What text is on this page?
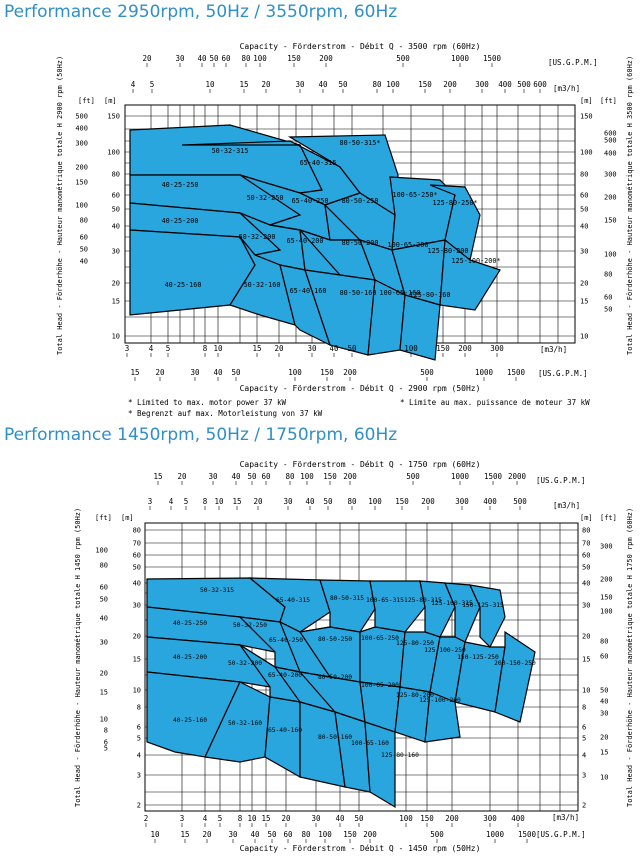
Performance 2950rpm, 50Hz / 3550rpm, 60Hz
Performance 1450rpm, 50Hz / 1750rpm, 60Hz
Capacity - Förderstrom - Débit Q - 3500 rpm (60Hz)
20	30 40 50 60 80 100	150 200	500	1000 1500	[US.G.P.M.]
4 5	10	15 20	30 40 50	80 100 150 200 300 400 500 600 [m3/h]
[ft] [m]	[m] [ft]
50-32-315
65-40-315
80-50-315*
40-25-250
50-32-250 65-40-250 80-50-250
100-65-250*
125-80-250*
40-25-200
50-32-200 65-40-200	80-50-200 100-65-200
125-80-200
125-100-200*
40-25-160	50-32-160
65-40-160 80-50-160 100-65-160
125-80-160
500
400
300
200
150
100
80
60
50
40
150
100
80
60
50
40
30
20
15
10
150
100
80
60
50
40
30
20
15
10
600
500
400
300
200
150
100
80
60
50
3	4 5	8 10	15 20	30 40 50	100 150 200 300	[m3/h]
15 20	30 40 50	100 150 200	500	1000 1500 [US.G.P.M.]
Capacity - Förderstrom - Débit Q - 2900 rpm (50Hz)
* Limited to max. motor power 37 kW
* Begrenzt auf max. Motorleistung von 37 kW
* Limite au max. puissance de moteur 37 kW
Total Head - Förderhöhe - Hauteur manométrique totale H 2900 rpm (50Hz)	Total Head - Förderhöhe - Hauteur manométrique totale H 3500 rpm (60Hz)
Capacity - Förderstrom - Débit Q - 1750 rpm (60Hz)
15 20	30 40 50 60 80 100 150 200	500	1000 1500 2000 [US.G.P.M.]
3 4 5 8 10 15 20	30 40 50 80 100 150 200	300 400 500	[m3/h]
[ft] [m]	[m] [ft]
50-32-315
65-40-315	80-50-315 100-65-315 125-80-315
125-100-315
150-125-315
40-25-250	50-32-250
65-40-250 80-50-250 100-65-250
125-80-250
125-100-250
150-125-250
200-150-250
40-25-200
50-32-200
65-40-200	80-50-200
100-65-200
125-80-200
125-100-200
40-25-160	50-32-160
65-40-160
80-50-160
100-65-160
125-80-160
100
80
60
50
40
30
20
15
10
8
6
5
80
70
60
50
40
30
20
15
10
8
6
5
4
3
2
80
70
60
50
40
30
20
15
10
8
6
5
4
3
2
300
200
150
100
80
60
50
40
30
20
15
10
2	3 4 5 8 10 15 20	30 40 50	100 150 200	300 400	[m3/h]
10	15 20 30 40 50 60 80 100 150 200	500	1000 1500 [US.G.P.M.]
Capacity - Förderstrom - Débit Q - 1450 rpm (50Hz)
Total Head - Förderhöhe - Hauteur manométrique totale H 1450 rpm (50Hz)	Total Head - Förderhöhe - Hauteur manométrique totale H 1750 rpm (60Hz)
